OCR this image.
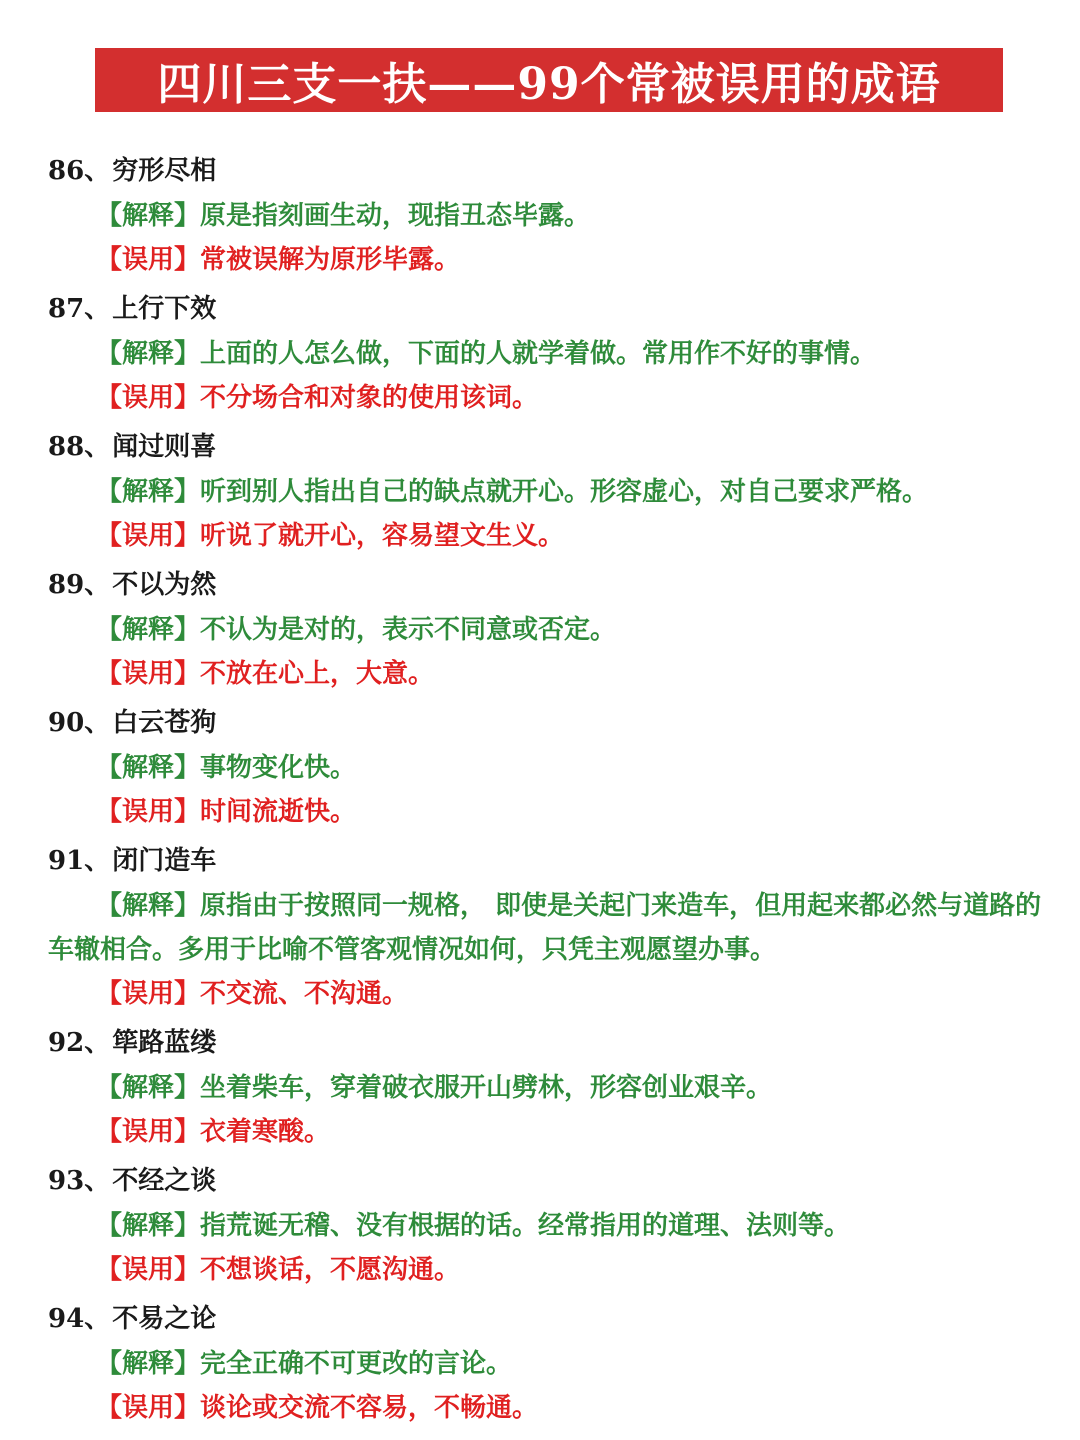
四川三支一扶——99个常被误用的成语
86 、 穷形尽相
【解释】原是指刻画生动，现指丑态毕露。
【误用】常被误解为原形毕露。
87 、 上行下效
【解释】上面的人怎么做，下面的人就学着做。常用作不好的事情。
【误用】不分场合和对象的使用该词。
88 、 闻过则喜
【解释】听到别人指出自己的缺点就开心。形容虚心，对自己要求严格。
【误用】听说了就开心，容易望文生义。
89 、 不以为然
【解释】不认为是对的，表示不同意或否定。
【误用】不放在心上，大意。
90 、 白云苍狗
【解释】事物变化快。
【误用】时间流逝快。
91 、 闭门造车
【解释】原指由于按照同一规格， 即使是关起门来造车，但用起来都必然与道路的车辙相合。多用于比喻不管客观情况如何，只凭主观愿望办事。
【误用】不交流、不沟通。
92 、 筚路蓝缕
【解释】坐着柴车，穿着破衣服开山劈林，形容创业艰辛。
【误用】衣着寒酸。
93 、 不经之谈
【解释】指荒诞无稽、没有根据的话。经常指用的道理、法则等。
【误用】不想谈话，不愿沟通。
94 、 不易之论
【解释】完全正确不可更改的言论。
【误用】谈论或交流不容易，不畅通。
